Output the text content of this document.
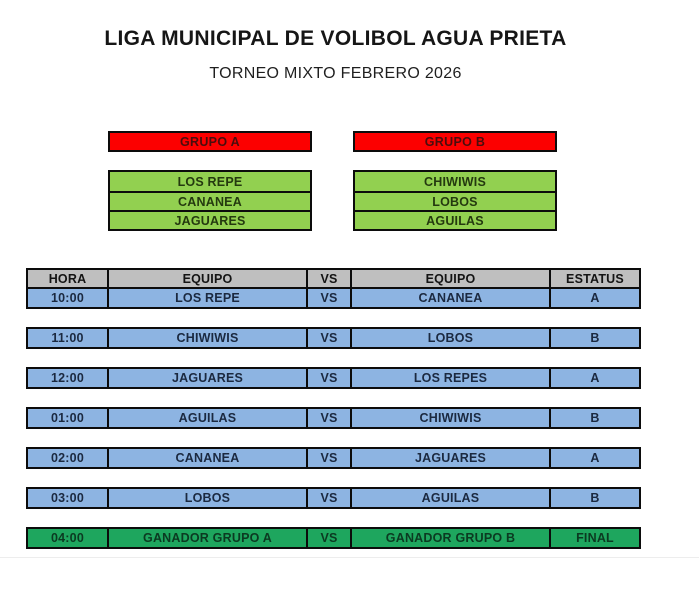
LIGA MUNICIPAL DE VOLIBOL AGUA PRIETA
TORNEO MIXTO FEBRERO 2026
GRUPO A
LOS REPE
CANANEA
JAGUARES
GRUPO B
CHIWIWIS
LOBOS
AGUILAS
HORA	EQUIPO	VS	EQUIPO	ESTATUS
10:00	LOS REPE	VS	CANANEA	A
11:00	CHIWIWIS	VS	LOBOS	B
12:00	JAGUARES	VS	LOS REPES	A
01:00	AGUILAS	VS	CHIWIWIS	B
02:00	CANANEA	VS	JAGUARES	A
03:00	LOBOS	VS	AGUILAS	B
04:00	GANADOR GRUPO A	VS	GANADOR GRUPO B	FINAL
